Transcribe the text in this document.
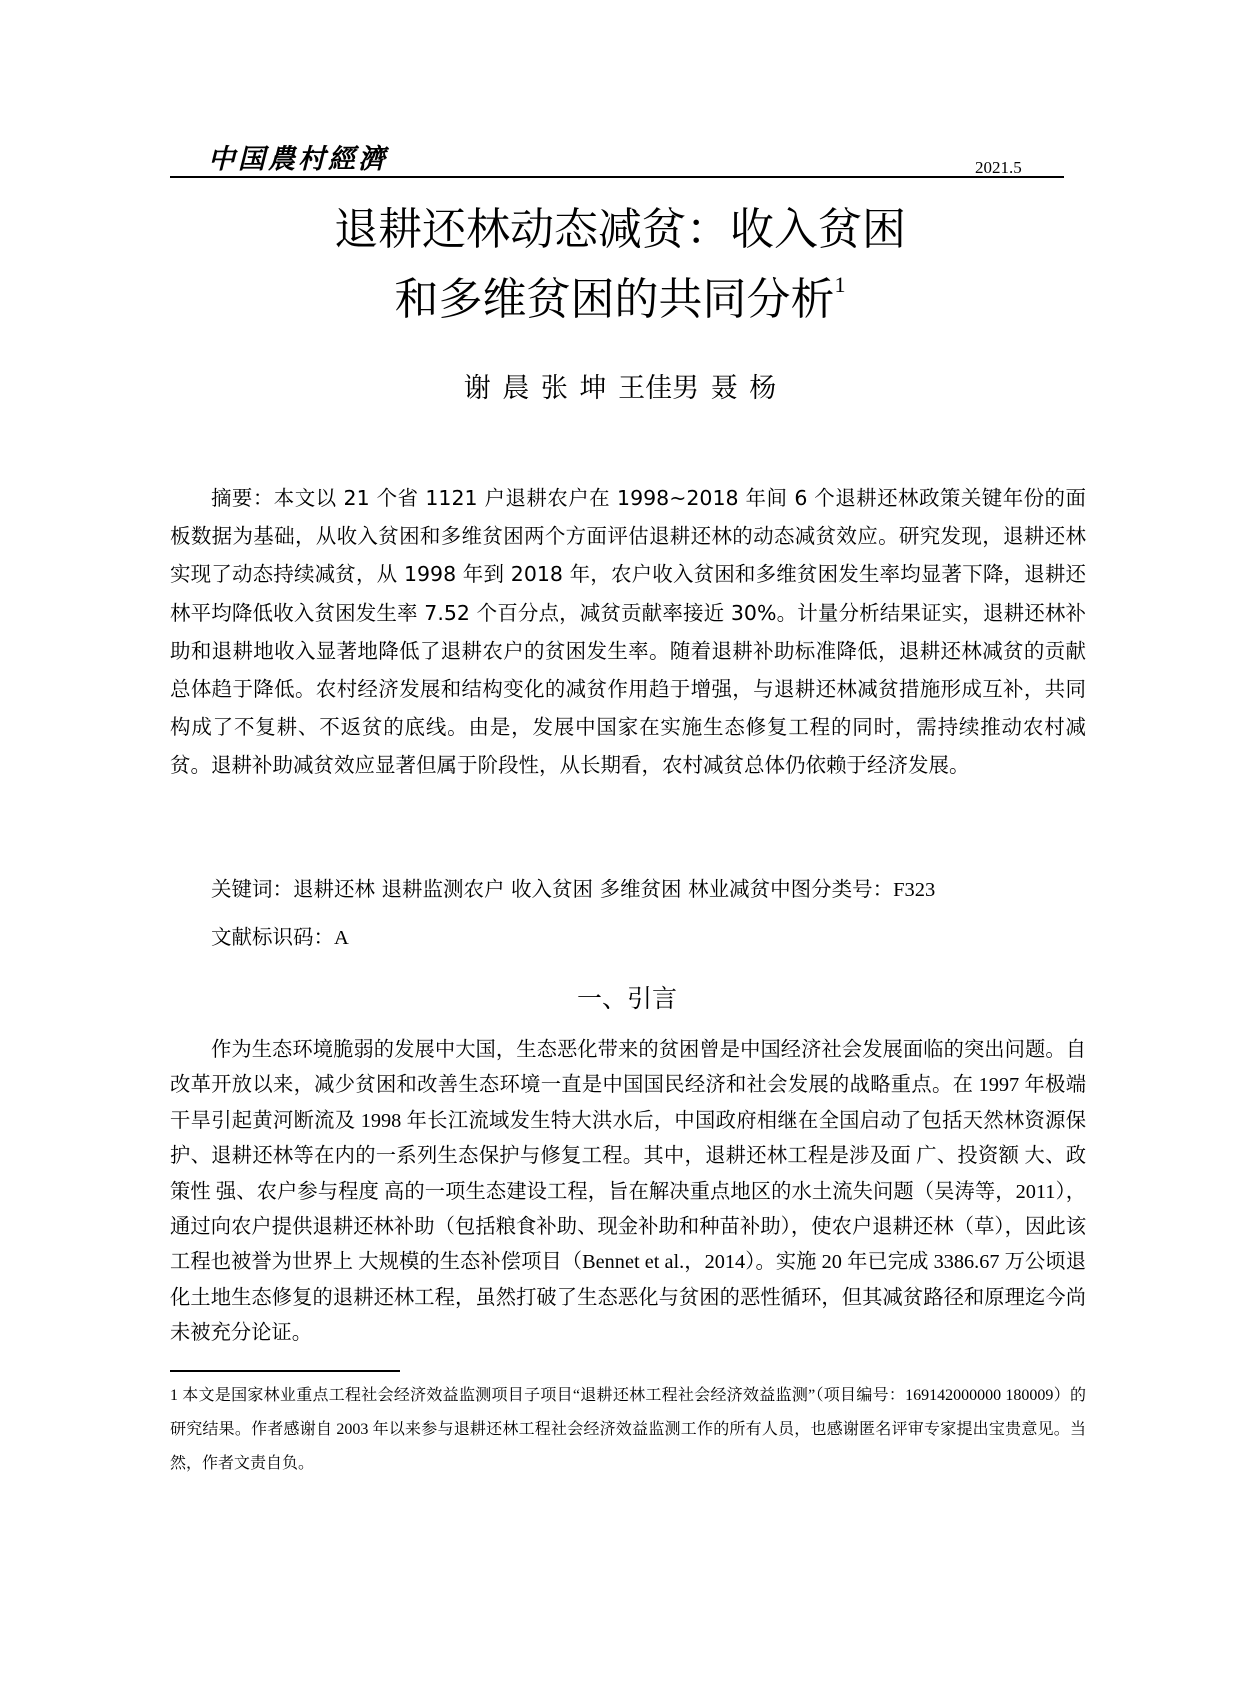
中国農村經濟	2021.5
退耕还林动态减贫：收入贫困
和多维贫困的共同分析$^1$
谢 晨 张 坤 王佳男 聂 杨

摘要：本文以 21 个省 1121 户退耕农户在 1998~2018 年间 6 个退耕还林政策关键年份的面板数据为基础，从收入贫困和多维贫困两个方面评估退耕还林的动态减贫效应。研究发现，退耕还林实现了动态持续减贫，从 1998 年到 2018 年，农户收入贫困和多维贫困发生率均显著下降，退耕还林平均降低收入贫困发生率 7.52 个百分点，减贫贡献率接近 30%。计量分析结果证实，退耕还林补助和退耕地收入显著地降低了退耕农户的贫困发生率。随着退耕补助标准降低，退耕还林减贫的贡献总体趋于降低。农村经济发展和结构变化的减贫作用趋于增强，与退耕还林减贫措施形成互补，共同构成了不复耕、不返贫的底线。由是，发展中国家在实施生态修复工程的同时，需持续推动农村减贫。退耕补助减贫效应显著但属于阶段性，从长期看，农村减贫总体仍依赖于经济发展。

关键词：退耕还林 退耕监测农户 收入贫困 多维贫困 林业减贫中图分类号：F323
文献标识码：A
一、引言

作为生态环境脆弱的发展中大国，生态恶化带来的贫困曾是中国经济社会发展面临的突出问题。自改革开放以来，减少贫困和改善生态环境一直是中国国民经济和社会发展的战略重点。在 1997 年极端干旱引起黄河断流及 1998 年长江流域发生特大洪水后，中国政府相继在全国启动了包括天然林资源保护、退耕还林等在内的一系列生态保护与修复工程。其中，退耕还林工程是涉及面 广、投资额 大、政策性 强、农户参与程度 高的一项生态建设工程，旨在解决重点地区的水土流失问题（吴涛等，2011），通过向农户提供退耕还林补助（包括粮食补助、现金补助和种苗补助），使农户退耕还林（草），因此该工程也被誉为世界上 大规模的生态补偿项目（Bennet et al.，2014）。实施 20 年已完成 3386.67 万公顷退化土地生态修复的退耕还林工程，虽然打破了生态恶化与贫困的恶性循环，但其减贫路径和原理迄今尚未被充分论证。

1 本文是国家林业重点工程社会经济效益监测项目子项目“退耕还林工程社会经济效益监测”（项目编号：169142000000 180009）的研究结果。作者感谢自 2003 年以来参与退耕还林工程社会经济效益监测工作的所有人员，也感谢匿名评审专家提出宝贵意见。当然，作者文责自负。
